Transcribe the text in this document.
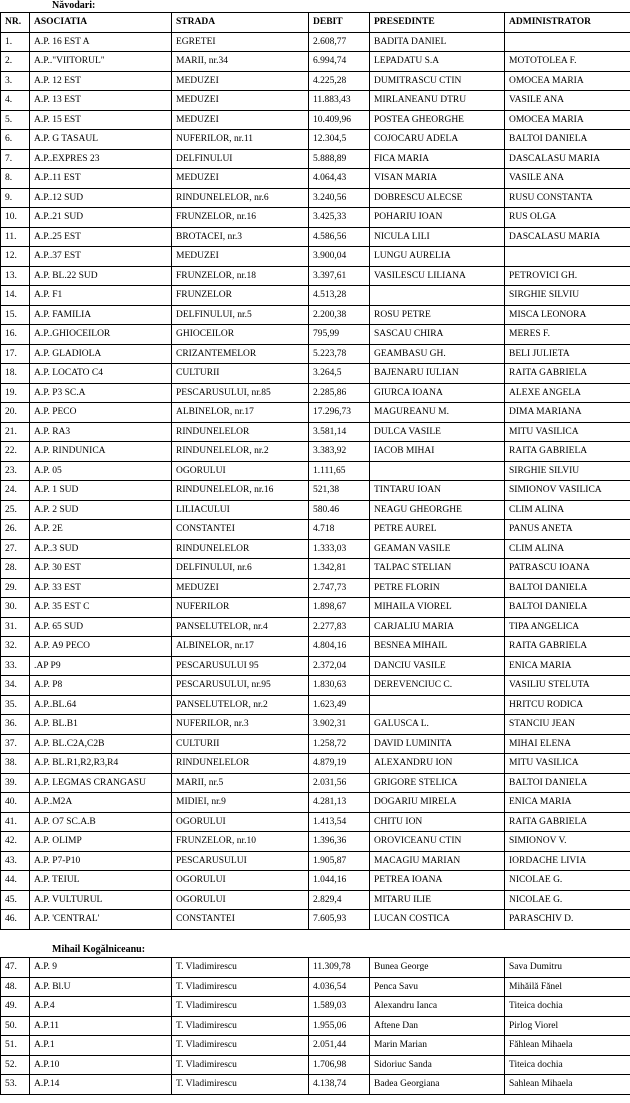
Năvodari:
NR.	ASOCIATIA	STRADA	DEBIT	PRESEDINTE	ADMINISTRATOR
1.	A.P. 16 EST A	EGRETEI	2.608,77	BADITA DANIEL	
2.	A.P.."VIITORUL"	MARII, nr.34	6.994,74	LEPADATU S.A	MOTOTOLEA F.
3.	A.P. 12 EST	MEDUZEI	4.225,28	DUMITRASCU CTIN	OMOCEA MARIA
4.	A.P. 13 EST	MEDUZEI	11.883,43	MIRLANEANU DTRU	VASILE ANA
5.	A.P. 15 EST	MEDUZEI	10.409,96	POSTEA GHEORGHE	OMOCEA MARIA
6.	A.P. G TASAUL	NUFERILOR, nr.11	12.304,5	COJOCARU ADELA	BALTOI DANIELA
7.	A.P..EXPRES 23	DELFINULUI	5.888,89	FICA MARIA	DASCALASU MARIA
8.	A.P..11 EST	MEDUZEI	4.064,43	VISAN MARIA	VASILE ANA
9.	A.P..12 SUD	RINDUNELELOR, nr.6	3.240,56	DOBRESCU ALECSE	RUSU CONSTANTA
10.	A.P..21 SUD	FRUNZELOR, nr.16	3.425,33	POHARIU IOAN	RUS OLGA
11.	A.P..25 EST	BROTACEI, nr.3	4.586,56	NICULA LILI	DASCALASU MARIA
12.	A.P..37 EST	MEDUZEI	3.900,04	LUNGU AURELIA	
13.	A.P. BL.22 SUD	FRUNZELOR, nr.18	3.397,61	VASILESCU LILIANA	PETROVICI GH.
14.	A.P. F1	FRUNZELOR	4.513,28		SIRGHIE SILVIU
15.	A.P. FAMILIA	DELFINULUI, nr.5	2.200,38	ROSU PETRE	MISCA LEONORA
16.	A.P..GHIOCEILOR	GHIOCEILOR	795,99	SASCAU CHIRA	MERES F.
17.	A.P. GLADIOLA	CRIZANTEMELOR	5.223,78	GEAMBASU GH.	BELI JULIETA
18.	A.P. LOCATO C4	CULTURII	3.264,5	BAJENARU IULIAN	RAITA GABRIELA
19.	A.P. P3 SC.A	PESCARUSULUI, nr.85	2.285,86	GIURCA IOANA	ALEXE ANGELA
20.	A.P. PECO	ALBINELOR, nr.17	17.296,73	MAGUREANU M.	DIMA MARIANA
21.	A.P. RA3	RINDUNELELOR	3.581,14	DULCA VASILE	MITU VASILICA
22.	A.P. RINDUNICA	RINDUNELELOR, nr.2	3.383,92	IACOB MIHAI	RAITA GABRIELA
23.	A.P. 05	OGORULUI	1.111,65		SIRGHIE SILVIU
24.	A.P. 1 SUD	RINDUNELELOR, nr.16	521,38	TINTARU IOAN	SIMIONOV VASILICA
25.	A.P. 2 SUD	LILIACULUI	580.46	NEAGU GHEORGHE	CLIM ALINA
26.	A.P. 2E	CONSTANTEI	4.718	PETRE AUREL	PANUS ANETA
27.	A.P..3 SUD	RINDUNELELOR	1.333,03	GEAMAN VASILE	CLIM ALINA
28.	A.P. 30 EST	DELFINULUI, nr.6	1.342,81	TALPAC STELIAN	PATRASCU IOANA
29.	A.P. 33 EST	MEDUZEI	2.747,73	PETRE FLORIN	BALTOI DANIELA
30.	A.P. 35 EST C	NUFERILOR	1.898,67	MIHAILA VIOREL	BALTOI DANIELA
31.	A.P. 65 SUD	PANSELUTELOR, nr.4	2.277,83	CARJALIU MARIA	TIPA ANGELICA
32.	A.P. A9 PECO	ALBINELOR, nr.17	4.804,16	BESNEA MIHAIL	RAITA GABRIELA
33.	.AP P9	PESCARUSULUI 95	2.372,04	DANCIU VASILE	ENICA MARIA
34.	A.P. P8	PESCARUSULUI, nr.95	1.830,63	DEREVENCIUC C.	VASILIU STELUTA
35.	A.P..BL.64	PANSELUTELOR, nr.2	1.623,49		HRITCU RODICA
36.	A.P. BL.B1	NUFERILOR, nr.3	3.902,31	GALUSCA L.	STANCIU JEAN
37.	A.P. BL.C2A,C2B	CULTURII	1.258,72	DAVID LUMINITA	MIHAI ELENA
38.	A.P. BL.R1,R2,R3,R4	RINDUNELELOR	4.879,19	ALEXANDRU ION	MITU VASILICA
39.	A.P. LEGMAS CRANGASU	MARII, nr.5	2.031,56	GRIGORE STELICA	BALTOI DANIELA
40.	A.P..M2A	MIDIEI, nr.9	4.281,13	DOGARIU MIRELA	ENICA MARIA
41.	A.P. O7 SC.A.B	OGORULUI	1.413,54	CHITU ION	RAITA GABRIELA
42.	A.P. OLIMP	FRUNZELOR, nr.10	1.396,36	OROVICEANU CTIN	SIMIONOV V.
43.	A.P. P7-P10	PESCARUSULUI	1.905,87	MACAGIU MARIAN	IORDACHE LIVIA
44.	A.P. TEIUL	OGORULUI	1.044,16	PETREA IOANA	NICOLAE G.
45.	A.P. VULTURUL	OGORULUI	2.829,4	MITARU ILIE	NICOLAE G.
46.	A.P. 'CENTRAL'	CONSTANTEI	7.605,93	LUCAN COSTICA	PARASCHIV D.
Mihail Kogălniceanu:
47.	A.P. 9	T. Vladimirescu	11.309,78	Bunea George	Sava Dumitru
48.	A.P. Bl.U	T. Vladimirescu	4.036,54	Penca Savu	Mihăilă Fănel
49.	A.P.4	T. Vladimirescu	1.589,03	Alexandru Ianca	Titeica dochia
50.	A.P.11	T. Vladimirescu	1.955,06	Aftene Dan	Pirlog Viorel
51.	A.P.1	T. Vladimirescu	2.051,44	Marin Marian	Făhlean Mihaela
52.	A.P.10	T. Vladimirescu	1.706,98	Sidoriuc Sanda	Titeica dochia
53.	A.P.14	T. Vladimirescu	4.138,74	Badea Georgiana	Sahlean Mihaela
